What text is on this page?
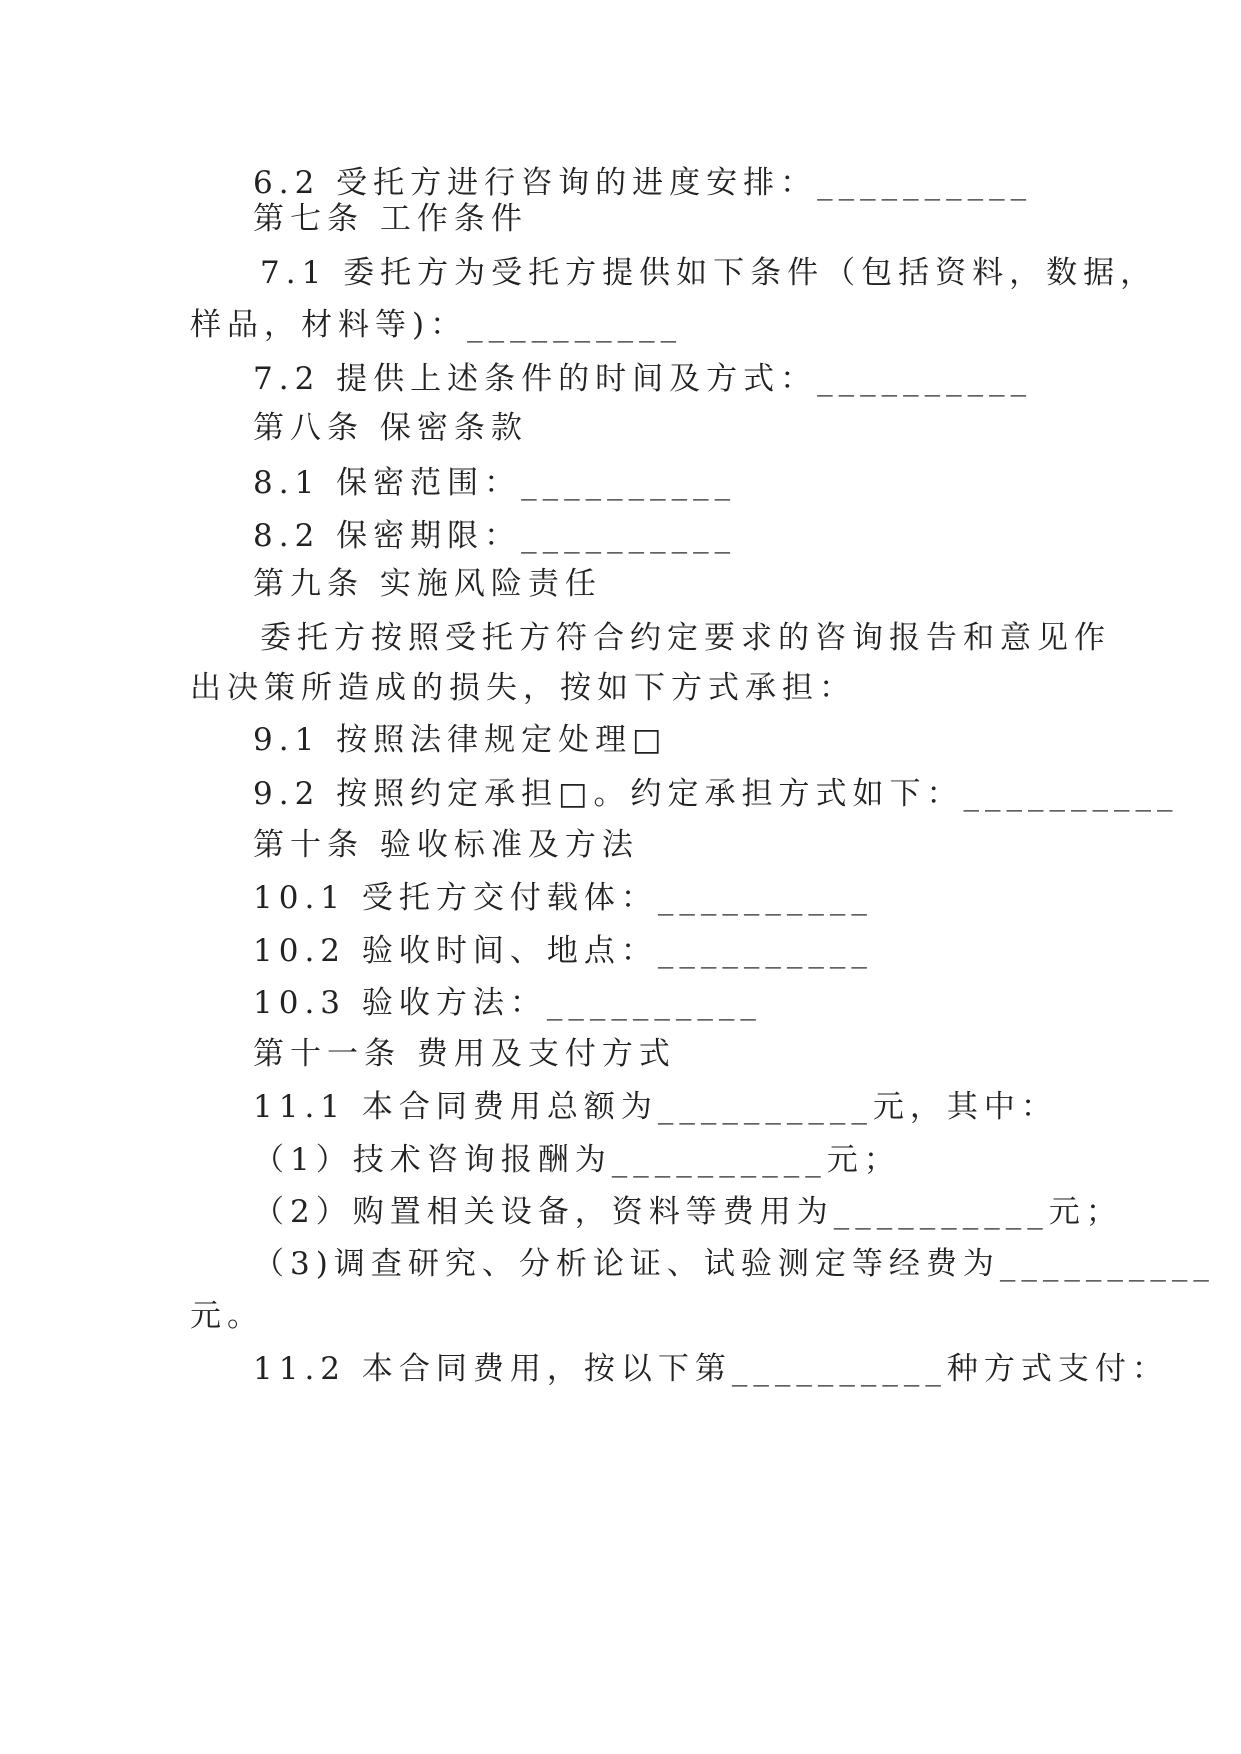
6.2 受托方进行咨询的进度安排：__________
第七条 工作条件
7.1 委托方为受托方提供如下条件（包括资料，数据，
样品，材料等)：__________
7.2 提供上述条件的时间及方式：__________
第八条 保密条款
8.1 保密范围：__________
8.2 保密期限：__________
第九条 实施风险责任
委托方按照受托方符合约定要求的咨询报告和意见作
出决策所造成的损失，按如下方式承担：
9.1 按照法律规定处理□
9.2 按照约定承担□。约定承担方式如下：__________
第十条 验收标准及方法
10.1 受托方交付载体：__________
10.2 验收时间、地点：__________
10.3 验收方法：__________
第十一条 费用及支付方式
11.1 本合同费用总额为__________元，其中：
（1）技术咨询报酬为__________元；
（2）购置相关设备，资料等费用为__________元；
（3)调查研究、分析论证、试验测定等经费为__________
元。
11.2 本合同费用，按以下第__________种方式支付：
